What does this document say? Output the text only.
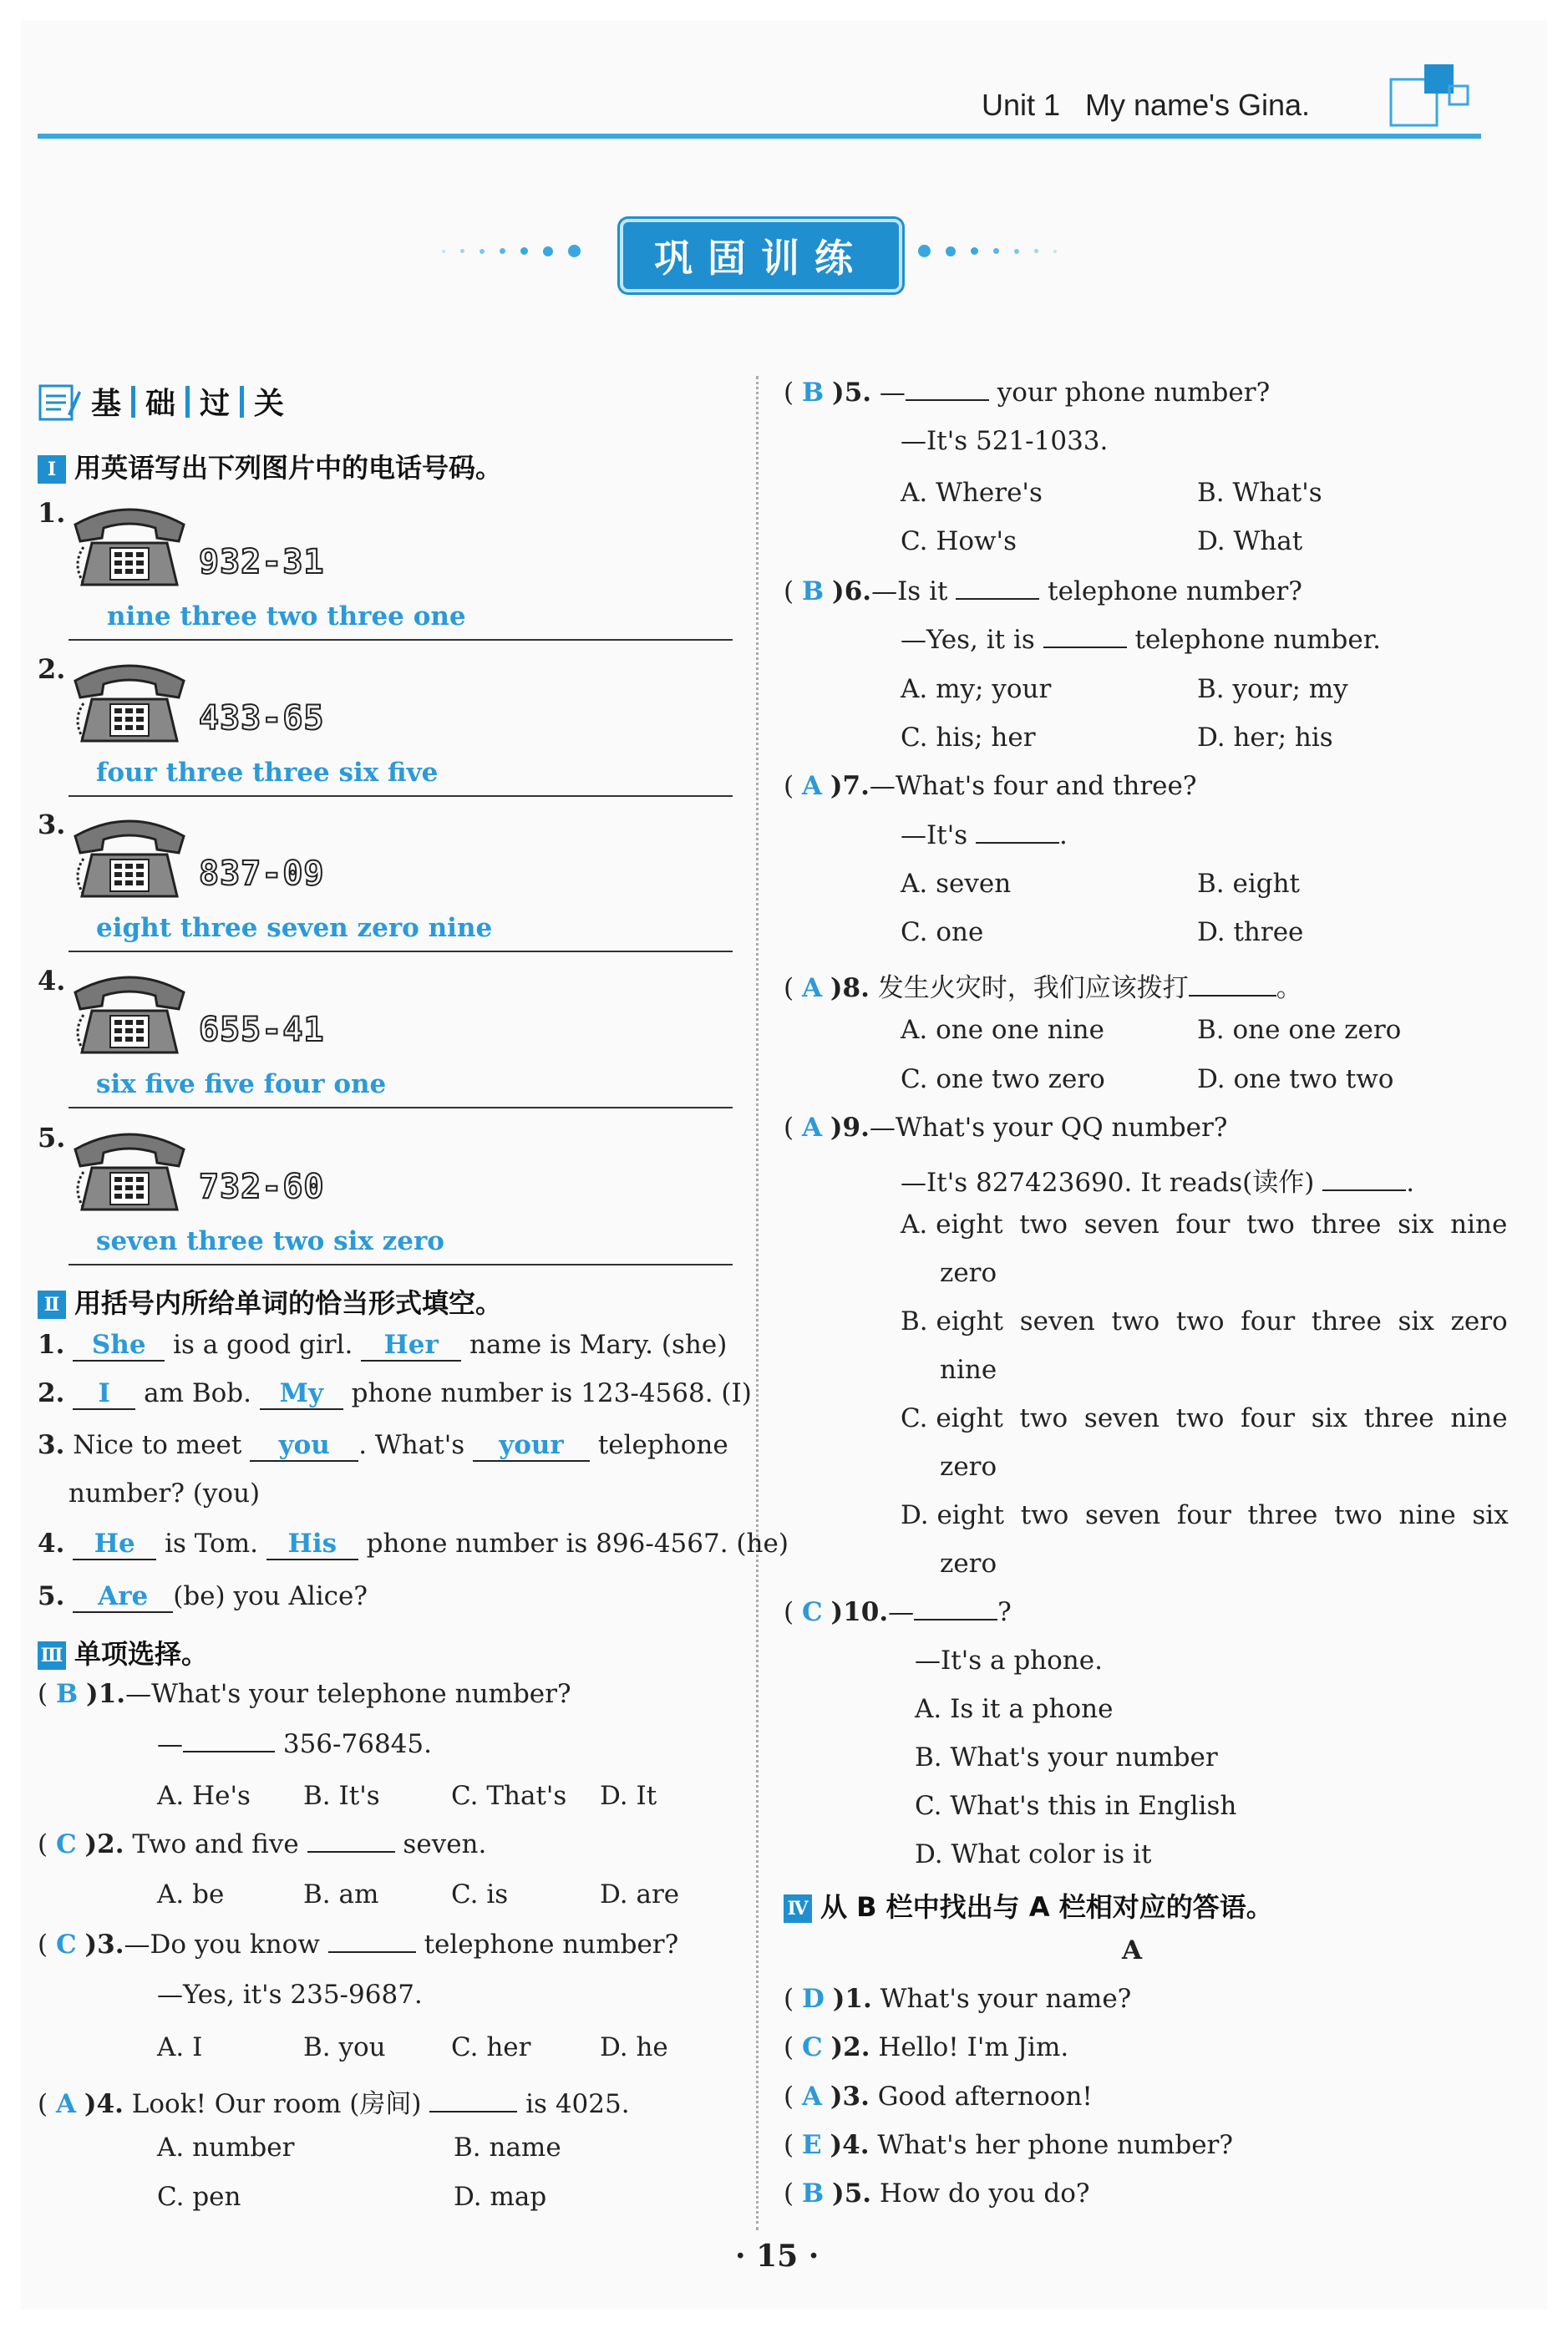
Unit 1   My name's Gina.
巩固训练
基 础 过 关
Ⅰ 用英语写出下列图片中的电话号码。
1.
932-31
nine three two three one
2.
433-65
four three three six five
3.
837-09
eight three seven zero nine
4.
655-41
six five five four one
5.
732-60
seven three two six zero
Ⅱ 用括号内所给单词的恰当形式填空。
1. She is a good girl. Her name is Mary. (she)
2. I am Bob. My phone number is 123-4568. (I)
3. Nice to meet you . What's your telephone
number? (you)
4. He is Tom. His phone number is 896-4567. (he)
5. Are (be) you Alice?
Ⅲ 单项选择。
( B )1.—What's your telephone number?
—	356-76845.
A. He's B. It's	C. That's D. It
( C )2. Two and five	seven.
A. be	B. am	C. is	D. are
( C )3.—Do you know	telephone number?
—Yes, it's 235-9687.
A. I	B. you	C. her	D. he
( A )4. Look! Our room (房间)	is 4025.
A. number	B. name
C. pen	D. map
( B )5. —	your phone number?
—It's 521-1033.
A. Where's	B. What's
C. How's	D. What
( B )6.—Is it	telephone number?
—Yes, it is	telephone number.
A. my; your	B. your; my
C. his; her	D. her; his
( A )7.—What's four and three?
—It's	.
A. seven	B. eight
C. one	D. three
( A )8. 发生火灾时，我们应该拨打	。
A. one one nine	B. one one zero
C. one two zero	D. one two two
( A )9.—What's your QQ number?
—It's 827423690. It reads(读作)	.
A. eight  two  seven  four  two  three  six  nine
zero
B. eight  seven  two  two  four  three  six  zero
nine
C. eight  two  seven  two  four  six  three  nine
zero
D. eight  two  seven  four  three  two  nine  six
zero
( C )10.—	?
—It's a phone.
A. Is it a phone
B. What's your number
C. What's this in English
D. What color is it
Ⅳ 从 B 栏中找出与 A 栏相对应的答语。
A
( D )1. What's your name?
( C )2. Hello! I'm Jim.
( A )3. Good afternoon!
( E )4. What's her phone number?
( B )5. How do you do?
· 15 ·
